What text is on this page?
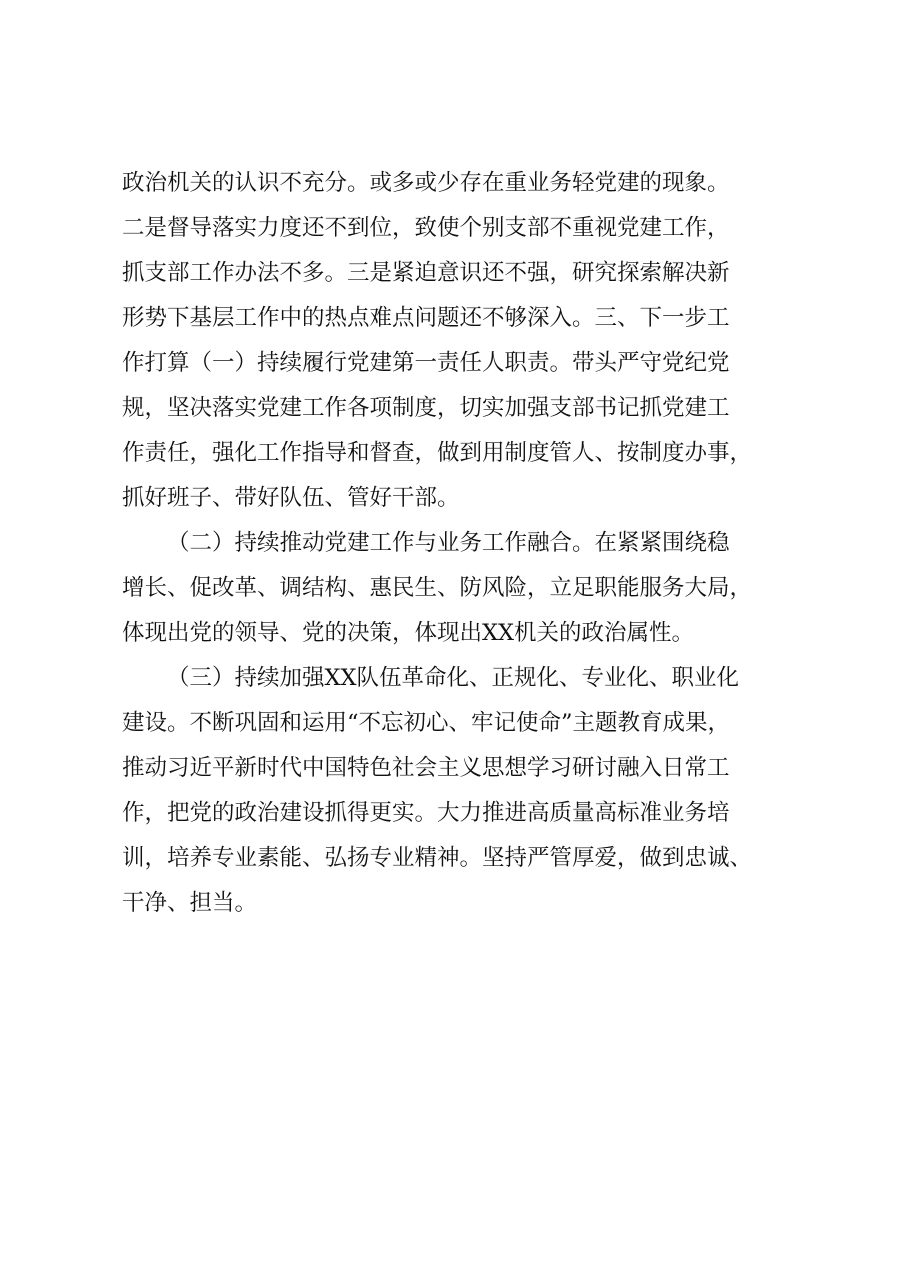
政治机关的认识不充分。或多或少存在重业务轻党建的现象。
二是督导落实力度还不到位，致使个别支部不重视党建工作，
抓支部工作办法不多。三是紧迫意识还不强，研究探索解决新
形势下基层工作中的热点难点问题还不够深入。三、下一步工
作打算（一）持续履行党建第一责任人职责。带头严守党纪党
规，坚决落实党建工作各项制度，切实加强支部书记抓党建工
作责任，强化工作指导和督查，做到用制度管人、按制度办事，
抓好班子、带好队伍、管好干部。
（二）持续推动党建工作与业务工作融合。在紧紧围绕稳
增长、促改革、调结构、惠民生、防风险，立足职能服务大局，
体现出党的领导、党的决策，体现出XX机关的政治属性。
（三）持续加强XX队伍革命化、正规化、专业化、职业化
建设。不断巩固和运用“不忘初心、牢记使命”主题教育成果，
推动习近平新时代中国特色社会主义思想学习研讨融入日常工
作，把党的政治建设抓得更实。大力推进高质量高标准业务培
训，培养专业素能、弘扬专业精神。坚持严管厚爱，做到忠诚、
干净、担当。
